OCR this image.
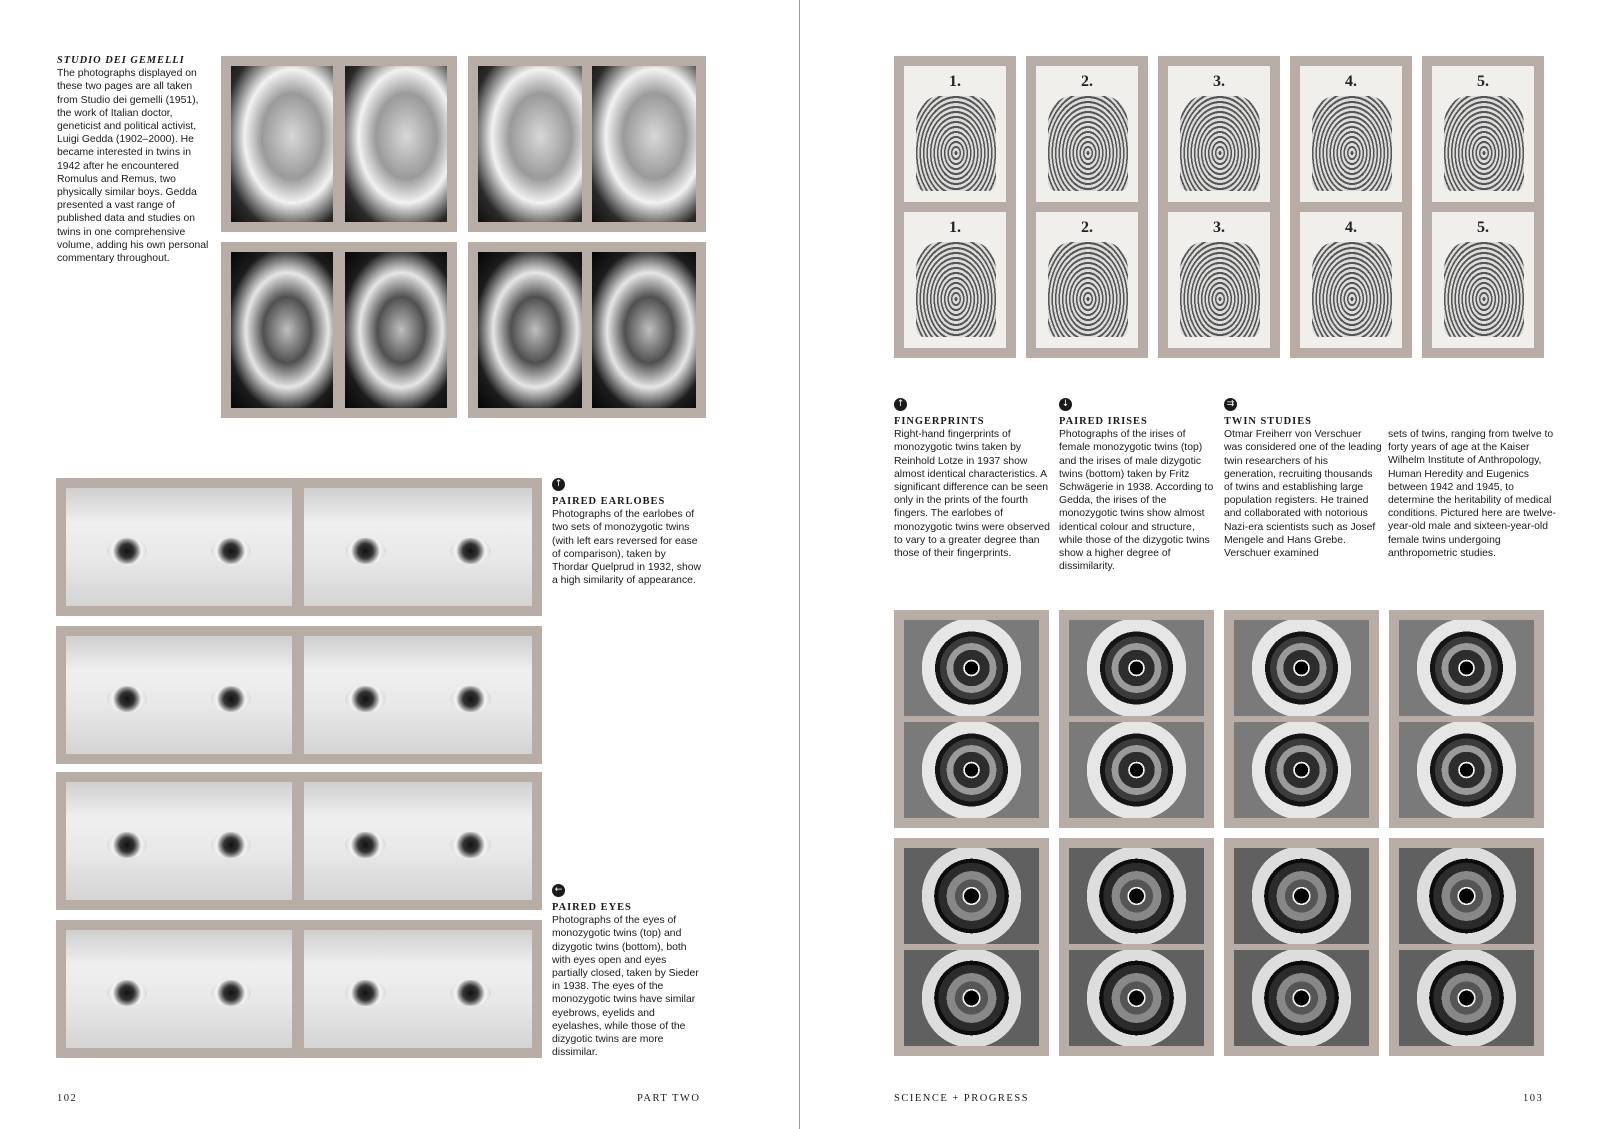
STUDIO DEI GEMELLI
The photographs displayed on these two pages are all taken from Studio dei gemelli (1951), the work of Italian doctor, geneticist and political activist, Luigi Gedda (1902–2000). He became interested in twins in 1942 after he encountered Romulus and Remus, two physically similar boys. Gedda presented a vast range of published data and studies on twins in one comprehensive volume, adding his own personal commentary throughout.
↑
PAIRED EARLOBES
Photographs of the earlobes of two sets of monozygotic twins (with left ears reversed for ease of comparison), taken by Thordar Quelprud in 1932, show a high similarity of appearance.
←
PAIRED EYES
Photographs of the eyes of monozygotic twins (top) and dizygotic twins (bottom), both with eyes open and eyes partially closed, taken by Sieder in 1938. The eyes of the monozygotic twins have similar eyebrows, eyelids and eyelashes, while those of the dizygotic twins are more dissimilar.
102	PART TWO
1.
1.
2.
2.
3.
3.
4.
4.
5.
5.
↑
FINGERPRINTS
Right-hand fingerprints of monozygotic twins taken by Reinhold Lotze in 1937 show almost identical characteristics. A significant difference can be seen only in the prints of the fourth fingers. The earlobes of monozygotic twins were observed to vary to a greater degree than those of their fingerprints.
↓
PAIRED IRISES
Photographs of the irises of female monozygotic twins (top) and the irises of male dizygotic twins (bottom) taken by Fritz Schwägerie in 1938. According to Gedda, the irises of the monozygotic twins show almost identical colour and structure, while those of the dizygotic twins show a higher degree of dissimilarity.
⇉
TWIN STUDIES
Otmar Freiherr von Verschuer was considered one of the leading twin researchers of his generation, recruiting thousands of twins and establishing large population registers. He trained and collaborated with notorious Nazi-era scientists such as Josef Mengele and Hans Grebe. Verschuer examined
sets of twins, ranging from twelve to forty years of age at the Kaiser Wilhelm Institute of Anthropology, Human Heredity and Eugenics between 1942 and 1945, to determine the heritability of medical conditions. Pictured here are twelve-year-old male and sixteen-year-old female twins undergoing anthropometric studies.
SCIENCE + PROGRESS	103
